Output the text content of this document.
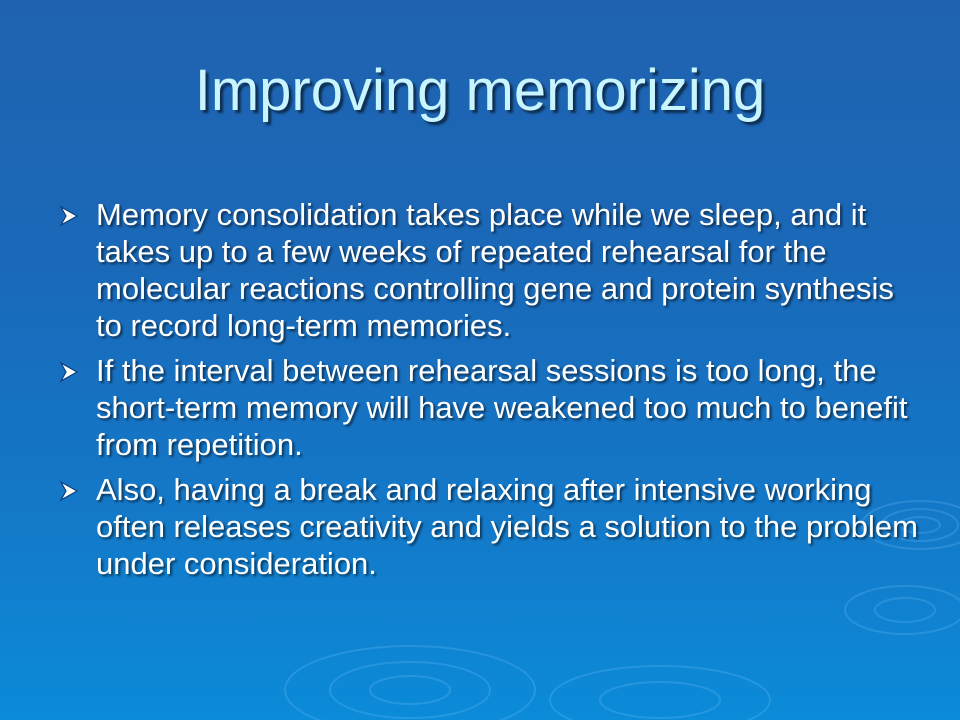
Improving memorizing
Memory consolidation takes place while we sleep, and it takes up to a few weeks of repeated rehearsal for the molecular reactions controlling gene and protein synthesis to record long-term memories.
If the interval between rehearsal sessions is too long, the short-term memory will have weakened too much to benefit from repetition.
Also, having a break and relaxing after intensive working often releases creativity and yields a solution to the problem under consideration.
